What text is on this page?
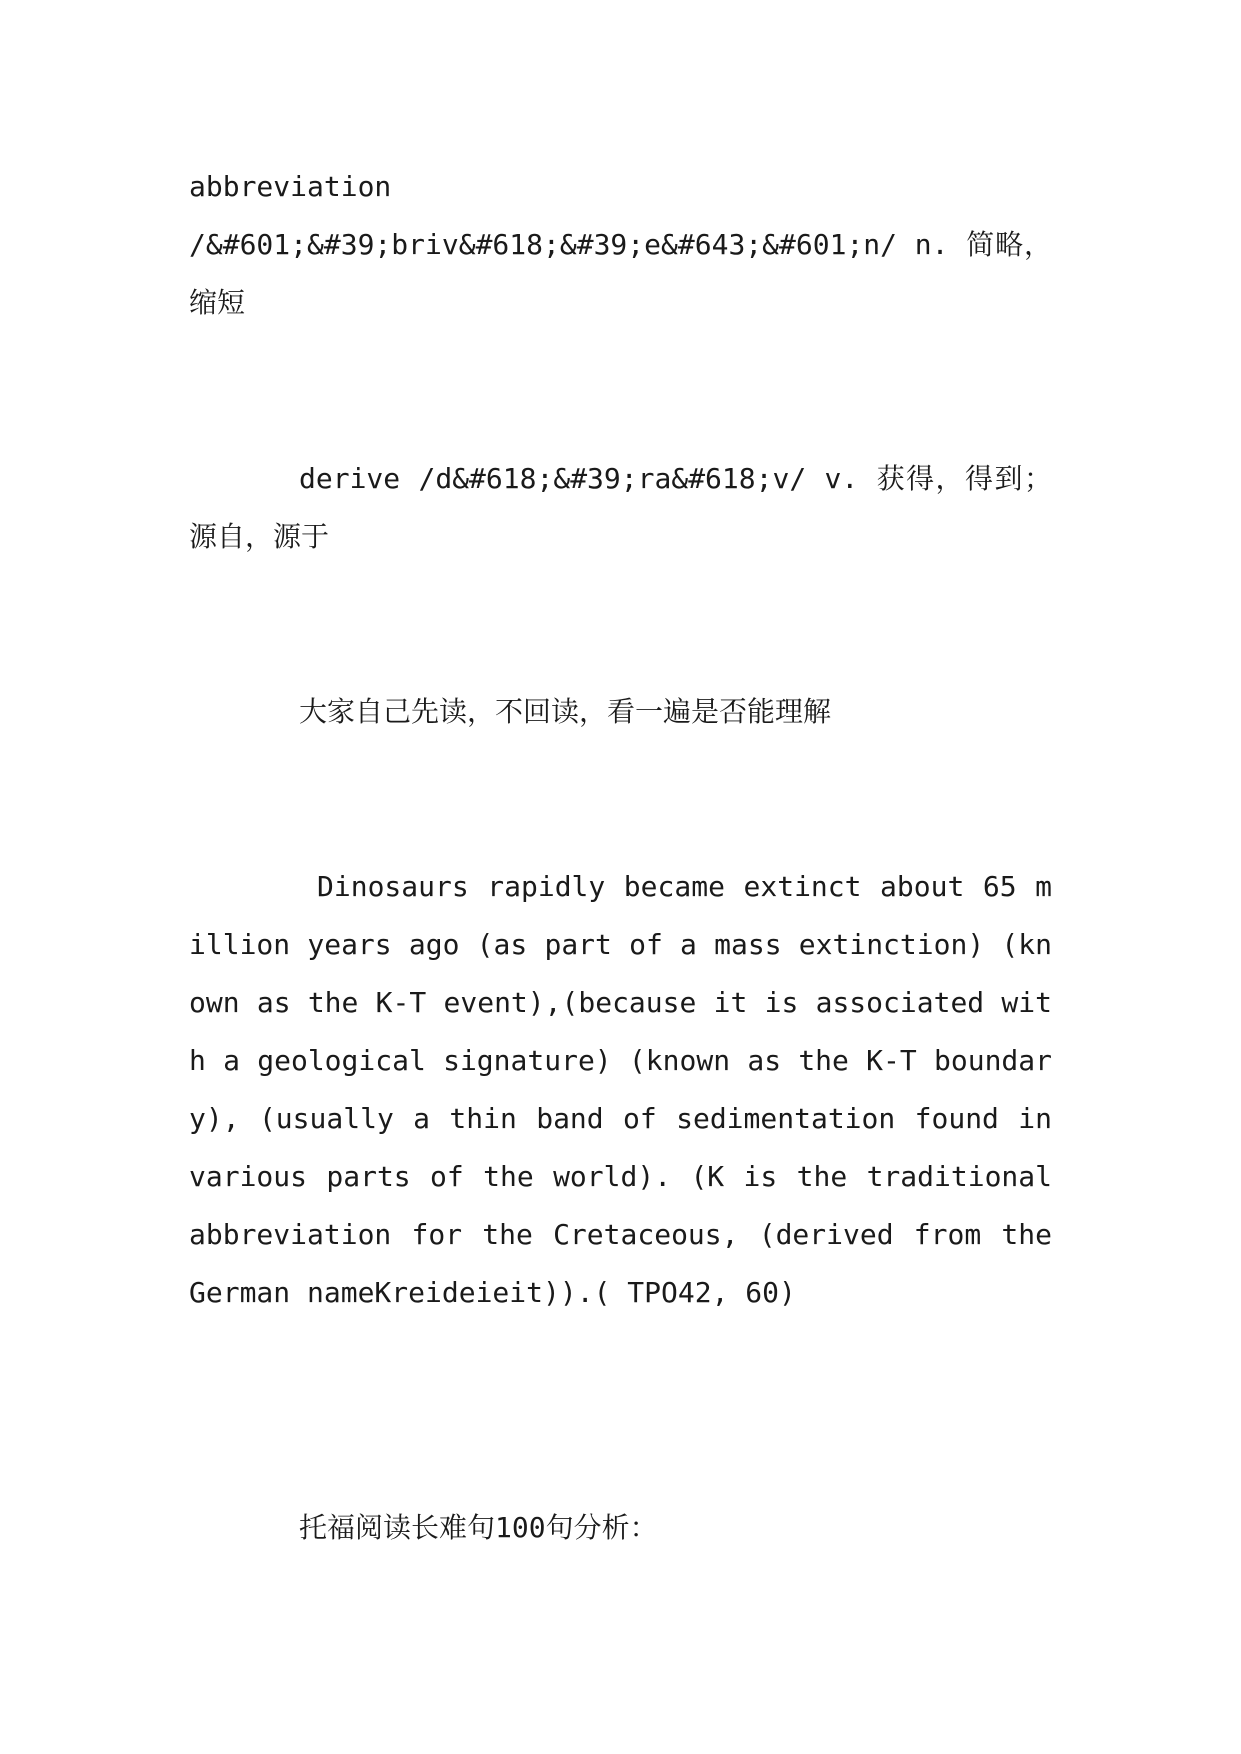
abbreviation
/&#601;&#39;briv&#618;&#39;e&#643;&#601;n/ n. 简略，缩短
derive /d&#618;&#39;ra&#618;v/ v. 获得，得到；源自，源于
大家自己先读，不回读，看一遍是否能理解
Dinosaurs rapidly became extinct about 65 million years ago (as part of a mass extinction) (known as the K-T event),(because it is associated with a geological signature) (known as the K-T boundary), (usually a thin band of sedimentation found in various parts of the world). (K is the traditional abbreviation for the Cretaceous, (derived from the German nameKreideieit)).( TPO42, 60)
托福阅读长难句100句分析：
